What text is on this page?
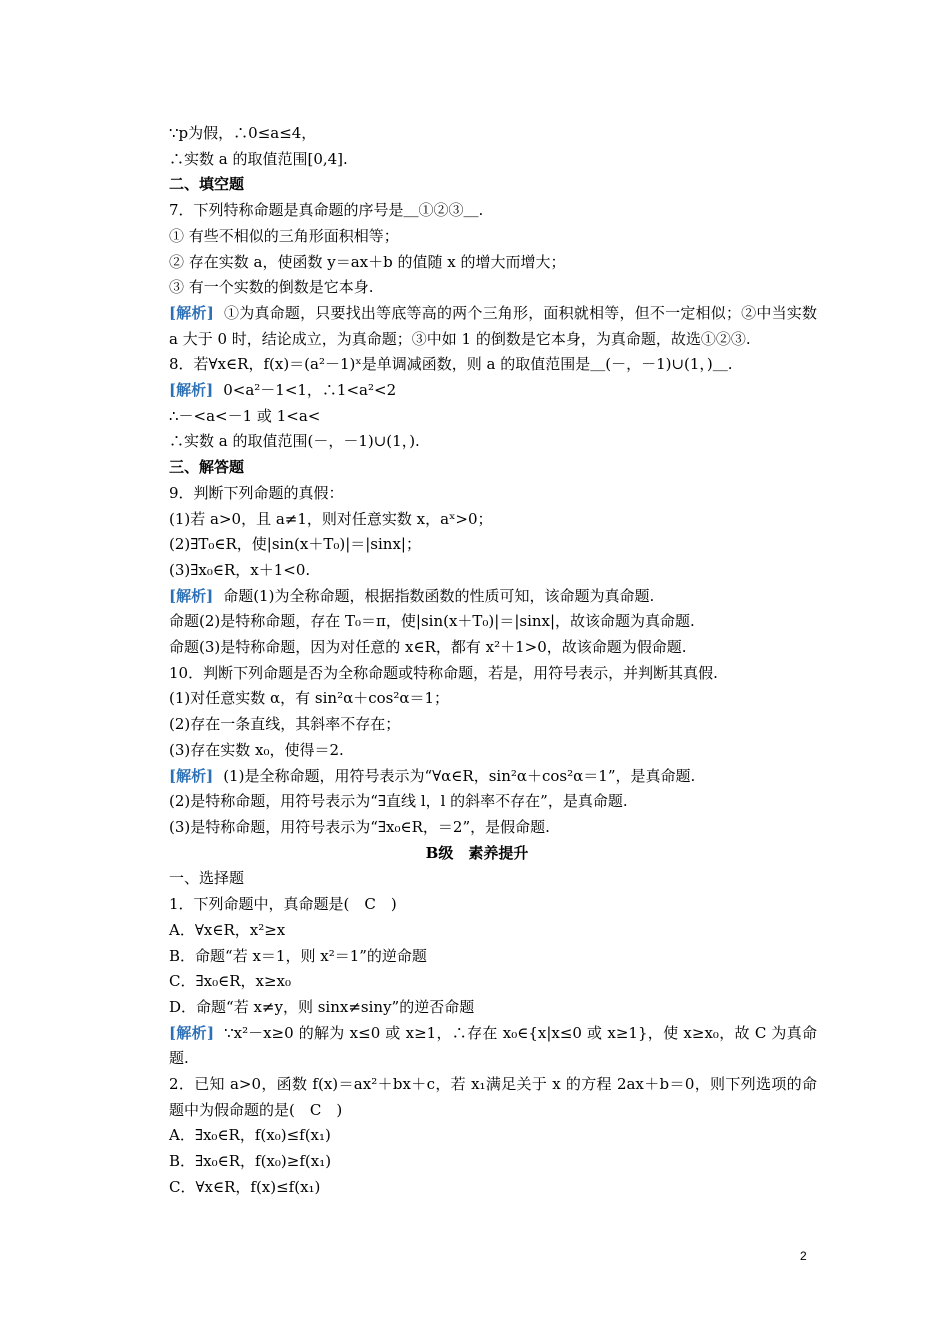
∵p为假，∴0≤a≤4，
∴实数 a 的取值范围[0,4].
二、填空题
7．下列特称命题是真命题的序号是＿①②③＿.
① 有些不相似的三角形面积相等；
② 存在实数 a，使函数 y＝ax＋b 的值随 x 的增大而增大；
③ 有一个实数的倒数是它本身.
[解析] ①为真命题，只要找出等底等高的两个三角形，面积就相等，但不一定相似；②中当实数 a 大于 0 时，结论成立，为真命题；③中如 1 的倒数是它本身，为真命题，故选①②③.
8．若∀x∈R，f(x)＝(a²－1)ˣ是单调减函数，则 a 的取值范围是＿(－，－1)∪(1，)＿.
[解析] 0<a²－1<1，∴1<a²<2
∴－<a<－1 或 1<a<
∴实数 a 的取值范围(－，－1)∪(1，).
三、解答题
9．判断下列命题的真假：
(1)若 a>0，且 a≠1，则对任意实数 x，aˣ>0；
(2)∃T₀∈R，使|sin(x＋T₀)|＝|sinx|；
(3)∃x₀∈R，x＋1<0.
[解析] 命题(1)为全称命题，根据指数函数的性质可知，该命题为真命题.
命题(2)是特称命题，存在 T₀＝π，使|sin(x＋T₀)|＝|sinx|，故该命题为真命题.
命题(3)是特称命题，因为对任意的 x∈R，都有 x²＋1>0，故该命题为假命题.
10．判断下列命题是否为全称命题或特称命题，若是，用符号表示，并判断其真假.
(1)对任意实数 α，有 sin²α＋cos²α＝1；
(2)存在一条直线，其斜率不存在；
(3)存在实数 x₀，使得＝2.
[解析] (1)是全称命题，用符号表示为“∀α∈R，sin²α＋cos²α＝1”，是真命题.
(2)是特称命题，用符号表示为“∃直线 l，l 的斜率不存在”，是真命题.
(3)是特称命题，用符号表示为“∃x₀∈R，＝2”，是假命题.
B级　素养提升
一、选择题
1．下列命题中，真命题是(　C　)
A．∀x∈R，x²≥x
B．命题“若 x＝1，则 x²＝1”的逆命题
C．∃x₀∈R，x≥x₀
D．命题“若 x≠y，则 sinx≠siny”的逆否命题
[解析] ∵x²－x≥0 的解为 x≤0 或 x≥1，∴存在 x₀∈{x|x≤0 或 x≥1}，使 x≥x₀，故 C 为真命题.
2．已知 a>0，函数 f(x)＝ax²＋bx＋c，若 x₁满足关于 x 的方程 2ax＋b＝0，则下列选项的命题中为假命题的是(　C　)
A．∃x₀∈R，f(x₀)≤f(x₁)
B．∃x₀∈R，f(x₀)≥f(x₁)
C．∀x∈R，f(x)≤f(x₁)
2
